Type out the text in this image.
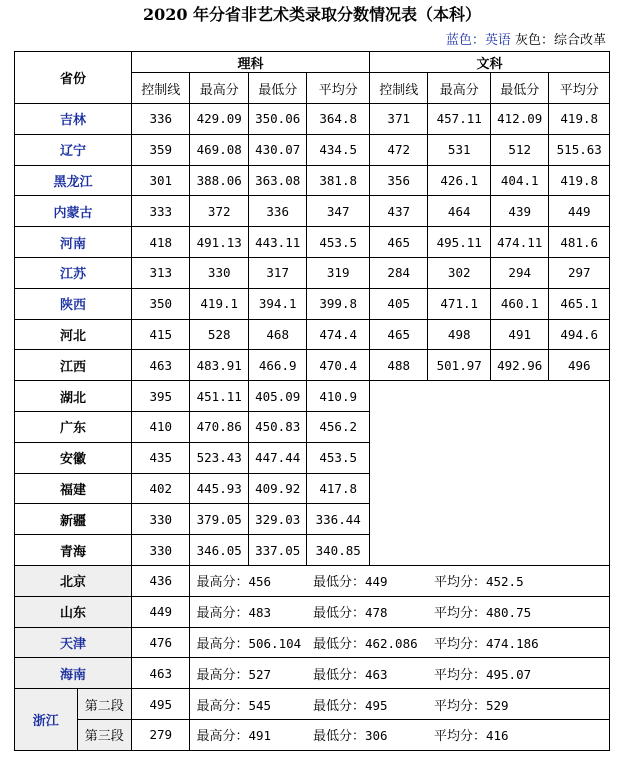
2020 年分省非艺术类录取分数情况表（本科）
蓝色：英语 灰色：综合改革
省份		理科				文科			
		控制线	最高分	最低分	平均分	控制线	最高分	最低分	平均分
吉林		336	429.09	350.06	364.8	371	457.11	412.09	419.8
辽宁		359	469.08	430.07	434.5	472	531	512	515.63
黑龙江		301	388.06	363.08	381.8	356	426.1	404.1	419.8
内蒙古		333	372	336	347	437	464	439	449
河南		418	491.13	443.11	453.5	465	495.11	474.11	481.6
江苏		313	330	317	319	284	302	294	297
陕西		350	419.1	394.1	399.8	405	471.1	460.1	465.1
河北		415	528	468	474.4	465	498	491	494.6
江西		463	483.91	466.9	470.4	488	501.97	492.96	496
湖北		395	451.11	405.09	410.9				
广东		410	470.86	450.83	456.2				
安徽		435	523.43	447.44	453.5				
福建		402	445.93	409.92	417.8				
新疆		330	379.05	329.03	336.44				
青海		330	346.05	337.05	340.85				
北京		436	最高分：456		最低分：449		平均分：452.5		
山东		449	最高分：483		最低分：478		平均分：480.75		
天津		476	最高分：506.104		最低分：462.086		平均分：474.186		
海南		463	最高分：527		最低分：463		平均分：495.07		
浙江	第二段	495	最高分：545		最低分：495		平均分：529		
	第三段	279	最高分：491		最低分：306		平均分：416		
